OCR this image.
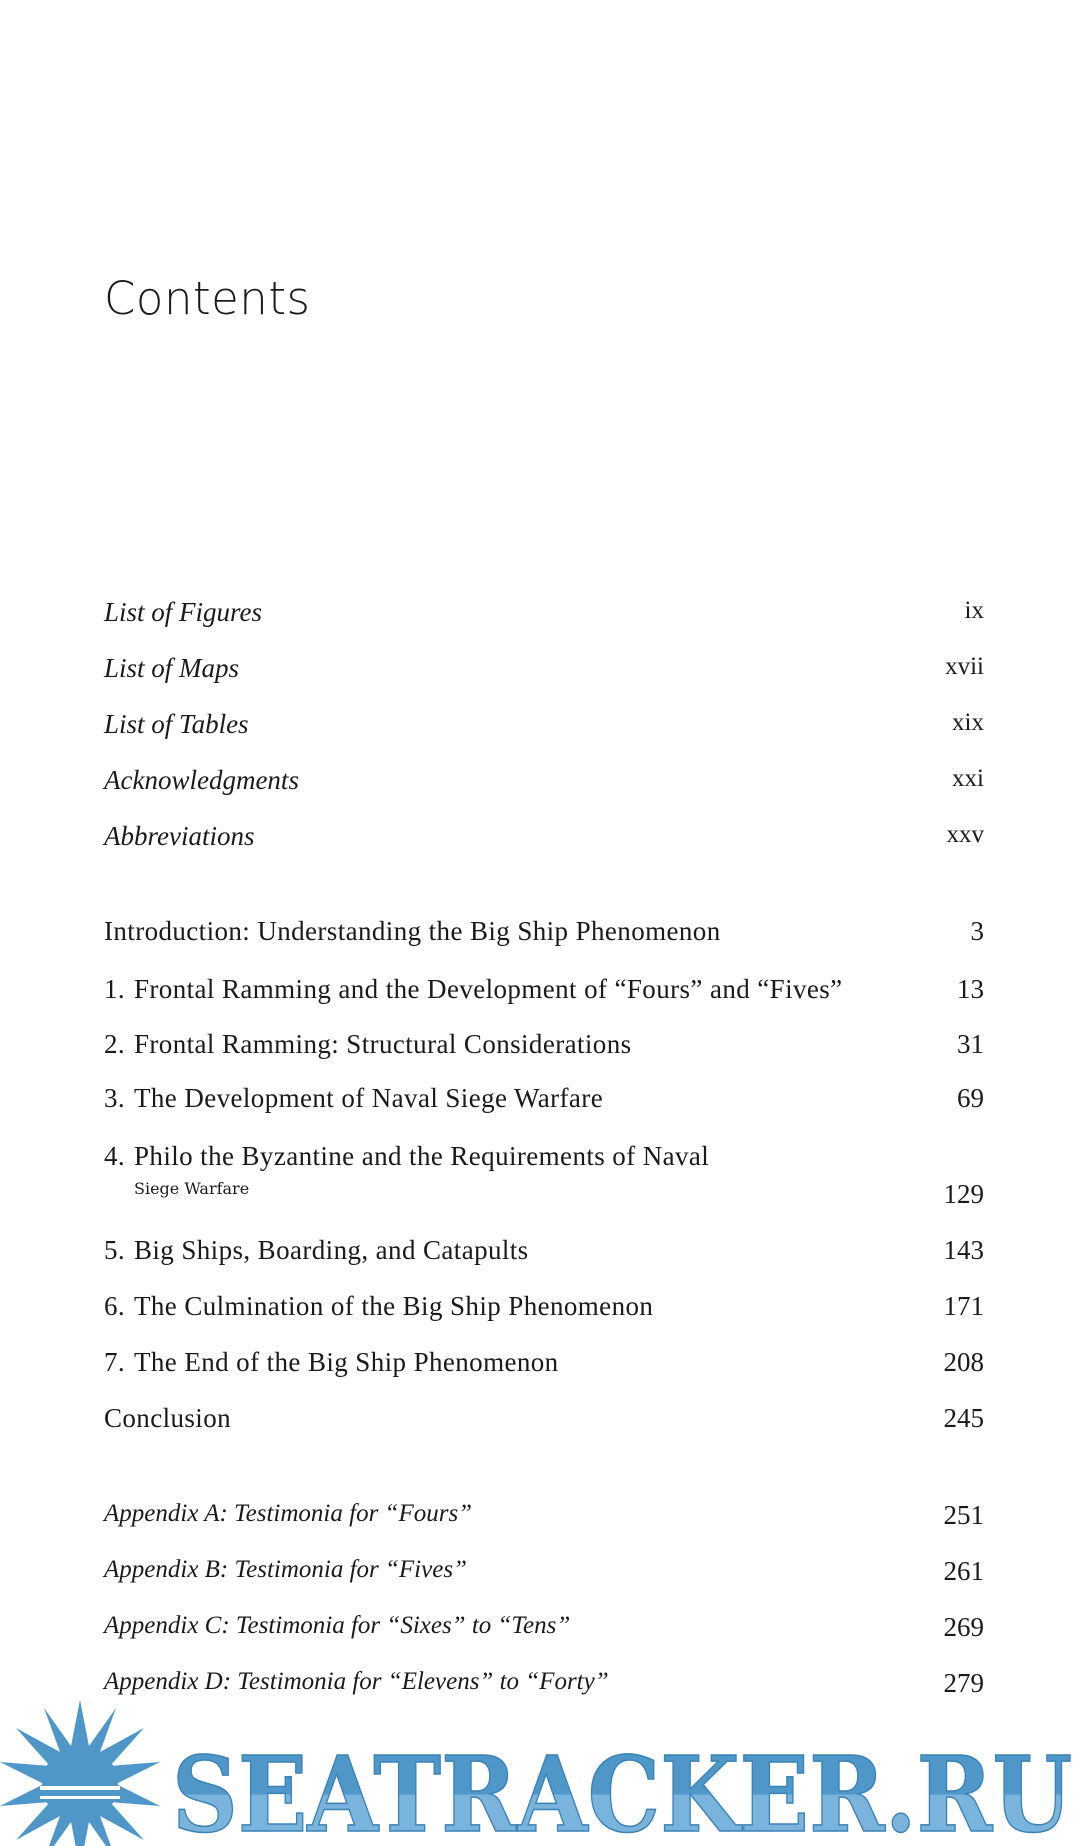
Contents
List of Figures	ix
List of Maps	xvii
List of Tables	xix
Acknowledgments	xxi
Abbreviations	xxv
Introduction: Understanding the Big Ship Phenomenon	3
1. Frontal Ramming and the Development of “Fours” and “Fives”	13
2. Frontal Ramming: Structural Considerations	31
3. The Development of Naval Siege Warfare	69
4. Philo the Byzantine and the Requirements of Naval
Siege Warfare	129
5. Big Ships, Boarding, and Catapults	143
6. The Culmination of the Big Ship Phenomenon	171
7. The End of the Big Ship Phenomenon	208
Conclusion	245
Appendix A: Testimonia for “Fours”	251
Appendix B: Testimonia for “Fives”	261
Appendix C: Testimonia for “Sixes” to “Tens”	269
Appendix D: Testimonia for “Elevens” to “Forty”	279
SEATRACKER.RU
